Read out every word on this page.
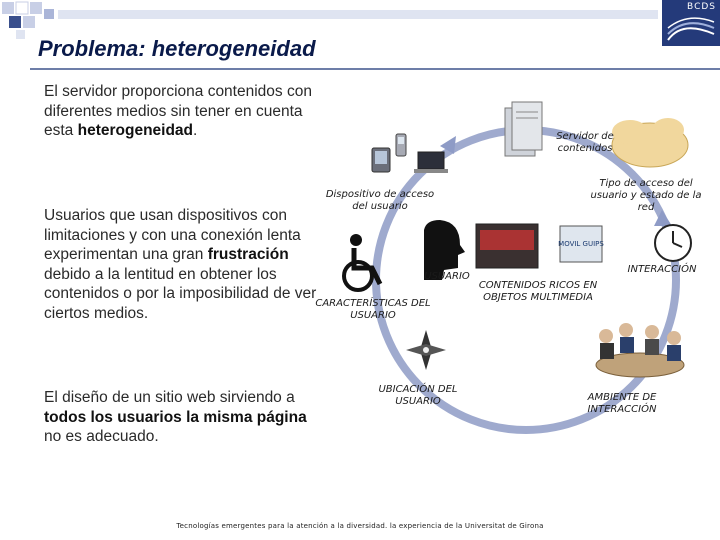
BCDS
Problema: heterogeneidad
El servidor proporciona contenidos con diferentes medios sin tener en cuenta esta heterogeneidad.
Usuarios que usan dispositivos con limitaciones y con una conexión lenta experimentan una gran frustración debido a la lentitud en obtener los contenidos o por la imposibilidad de ver ciertos medios.
El diseño de un sitio web sirviendo a todos los usuarios la misma página no es adecuado.
MOVIL GUIPS
Servidor de contenidos
Tipo de acceso del usuario y estado de la red
Dispositivo de acceso del usuario
USUARIO
CONTENIDOS RICOS EN OBJETOS MULTIMEDIA
INTERACCIÓN
CARACTERÍSTICAS DEL USUARIO
UBICACIÓN DEL USUARIO	AMBIENTE DE INTERACCIÓN
Tecnologías emergentes para la atención a la diversidad. la experiencia de la Universitat de Girona
